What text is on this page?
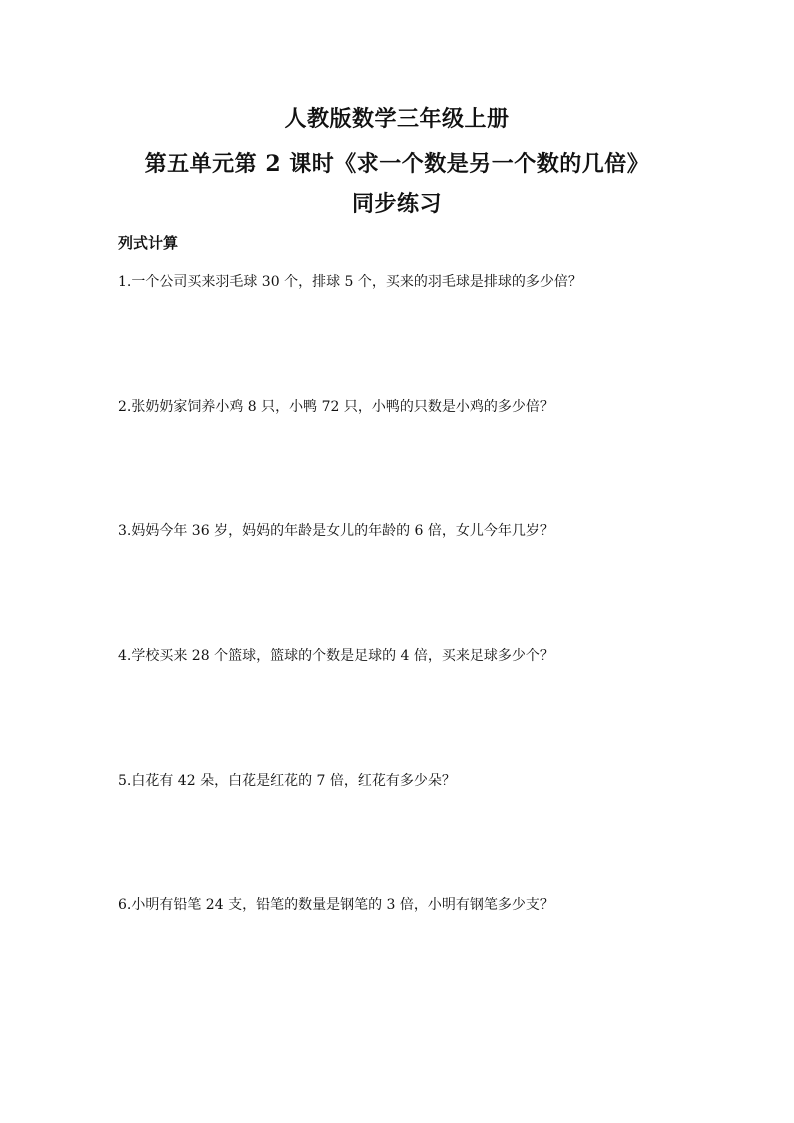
人教版数学三年级上册
第五单元第 2 课时《求一个数是另一个数的几倍》
同步练习
列式计算
1.一个公司买来羽毛球 30 个，排球 5 个，买来的羽毛球是排球的多少倍？
2.张奶奶家饲养小鸡 8 只，小鸭 72 只，小鸭的只数是小鸡的多少倍？
3.妈妈今年 36 岁，妈妈的年龄是女儿的年龄的 6 倍，女儿今年几岁？
4.学校买来 28 个篮球，篮球的个数是足球的 4 倍，买来足球多少个？
5.白花有 42 朵，白花是红花的 7 倍，红花有多少朵？
6.小明有铅笔 24 支，铅笔的数量是钢笔的 3 倍，小明有钢笔多少支？
